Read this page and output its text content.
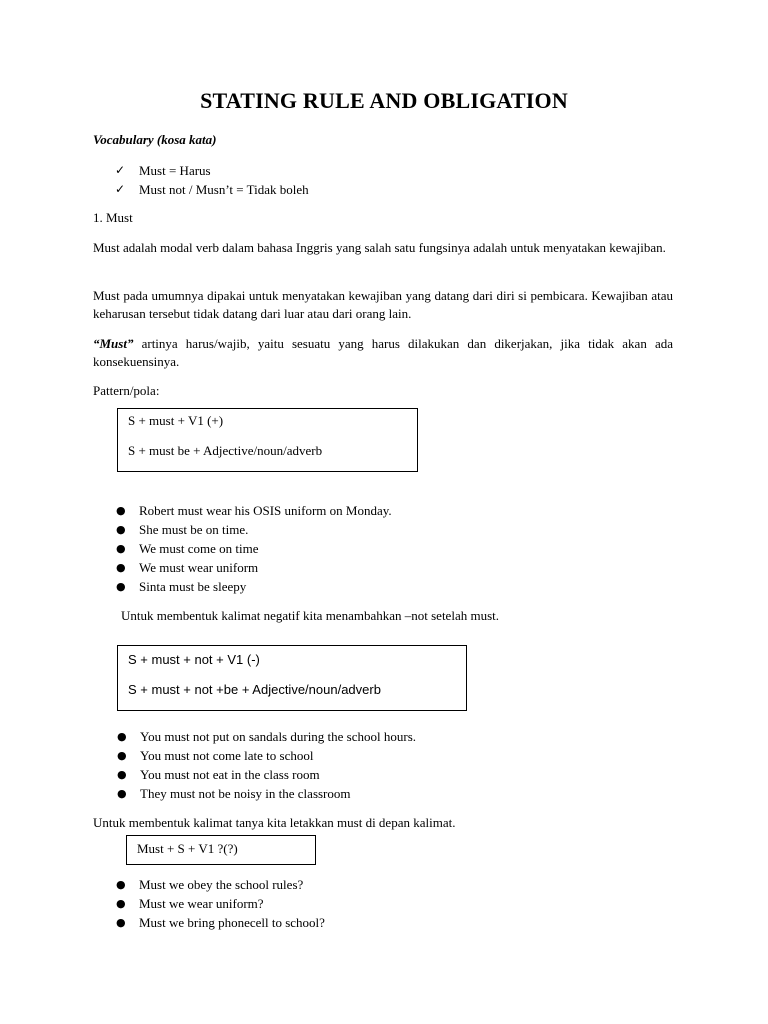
STATING RULE AND OBLIGATION
Vocabulary (kosa kata)
✓ Must = Harus
✓ Must not / Musn’t = Tidak boleh
1. Must
Must adalah modal verb dalam bahasa Inggris yang salah satu fungsinya adalah untuk menyatakan kewajiban.
Must pada umumnya dipakai untuk menyatakan kewajiban yang datang dari diri si pembicara. Kewajiban atau keharusan tersebut tidak datang dari luar atau dari orang lain.
“Must” artinya harus/wajib, yaitu sesuatu yang harus dilakukan dan dikerjakan, jika tidak akan ada konsekuensinya.
Pattern/pola:
S + must + V1 (+)
S + must be + Adjective/noun/adverb
● Robert must wear his OSIS uniform on Monday.
● She must be on time.
● We must come on time
● We must wear uniform
● Sinta must be sleepy
Untuk membentuk kalimat negatif kita menambahkan –not setelah must.
S + must + not + V1 (-)
S + must + not +be + Adjective/noun/adverb
● You must not put on sandals during the school hours.
● You must not come late to school
● You must not eat in the class room
● They must not be noisy in the classroom
Untuk membentuk kalimat tanya kita letakkan must di depan kalimat.
Must + S + V1 ?(?)
● Must we obey the school rules?
● Must we wear uniform?
● Must we bring phonecell to school?
